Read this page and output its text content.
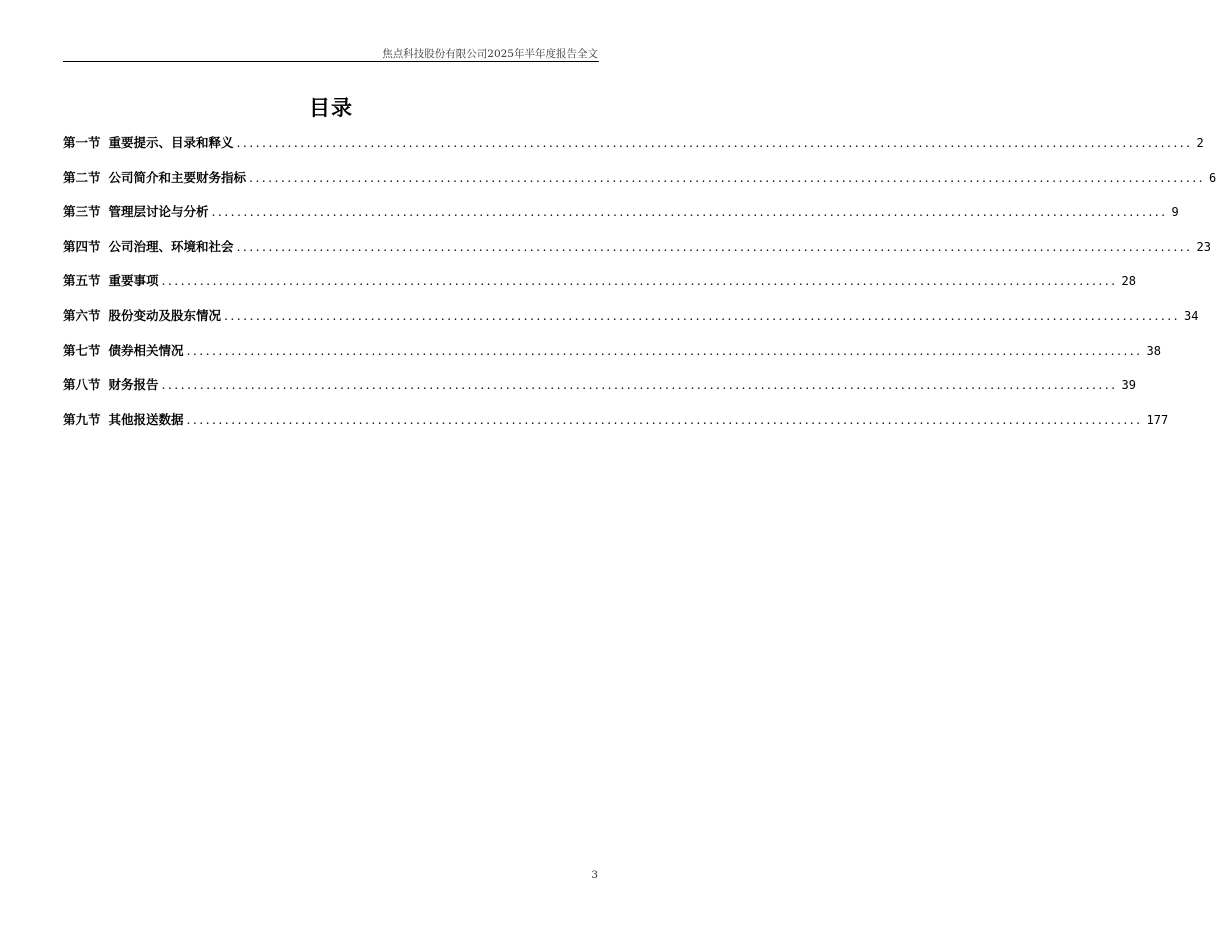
焦点科技股份有限公司2025年半年度报告全文
目录
第一节 重要提示、目录和释义 ...................................................................................................................................................... 2
第二节 公司简介和主要财务指标 ...................................................................................................................................................... 6
第三节 管理层讨论与分析 ...................................................................................................................................................... 9
第四节 公司治理、环境和社会 ...................................................................................................................................................... 23
第五节 重要事项 ...................................................................................................................................................... 28
第六节 股份变动及股东情况 ...................................................................................................................................................... 34
第七节 债券相关情况 ...................................................................................................................................................... 38
第八节 财务报告 ...................................................................................................................................................... 39
第九节 其他报送数据 ...................................................................................................................................................... 177
3
